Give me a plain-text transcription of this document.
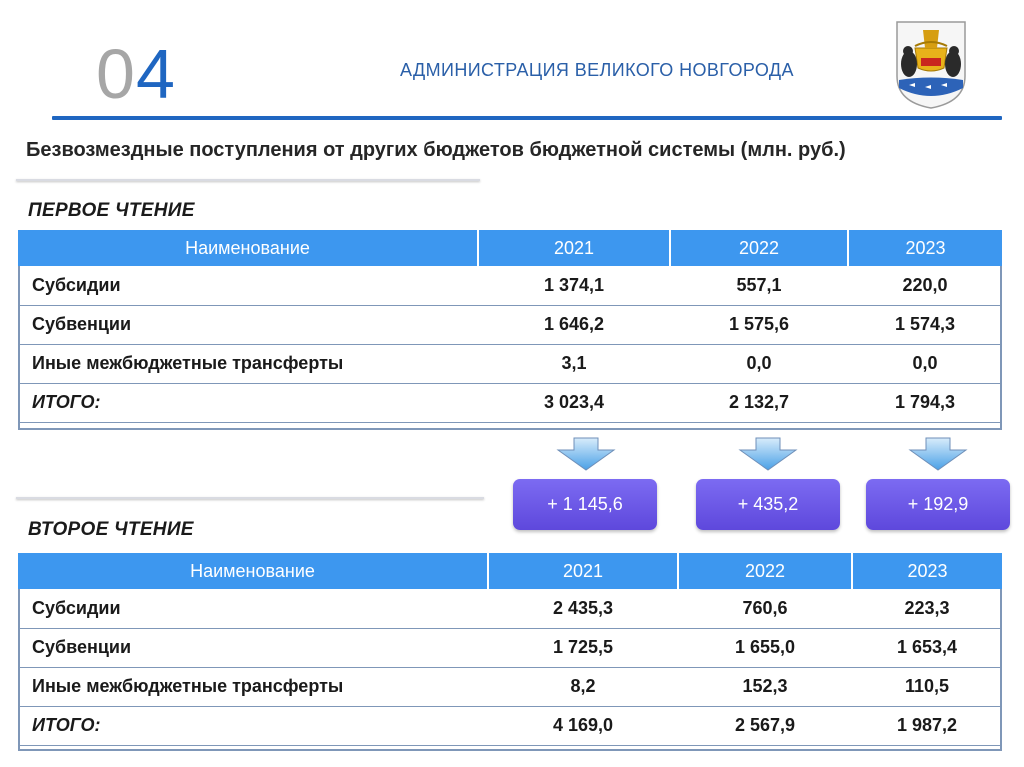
04	АДМИНИСТРАЦИЯ ВЕЛИКОГО НОВГОРОДА
Безвозмездные поступления от других бюджетов бюджетной системы (млн. руб.)
ПЕРВОЕ ЧТЕНИЕ
Наименование	2021	2022	2023
Субсидии	1 374,1	557,1	220,0
Субвенции	1 646,2	1 575,6	1 574,3
Иные межбюджетные трансферты	3,1	0,0	0,0
ИТОГО:	3 023,4	2 132,7	1 794,3
+ 1 145,6	+ 435,2	+ 192,9
ВТОРОЕ ЧТЕНИЕ
Наименование	2021	2022	2023
Субсидии	2 435,3	760,6	223,3
Субвенции	1 725,5	1 655,0	1 653,4
Иные межбюджетные трансферты	8,2	152,3	110,5
ИТОГО:	4 169,0	2 567,9	1 987,2
